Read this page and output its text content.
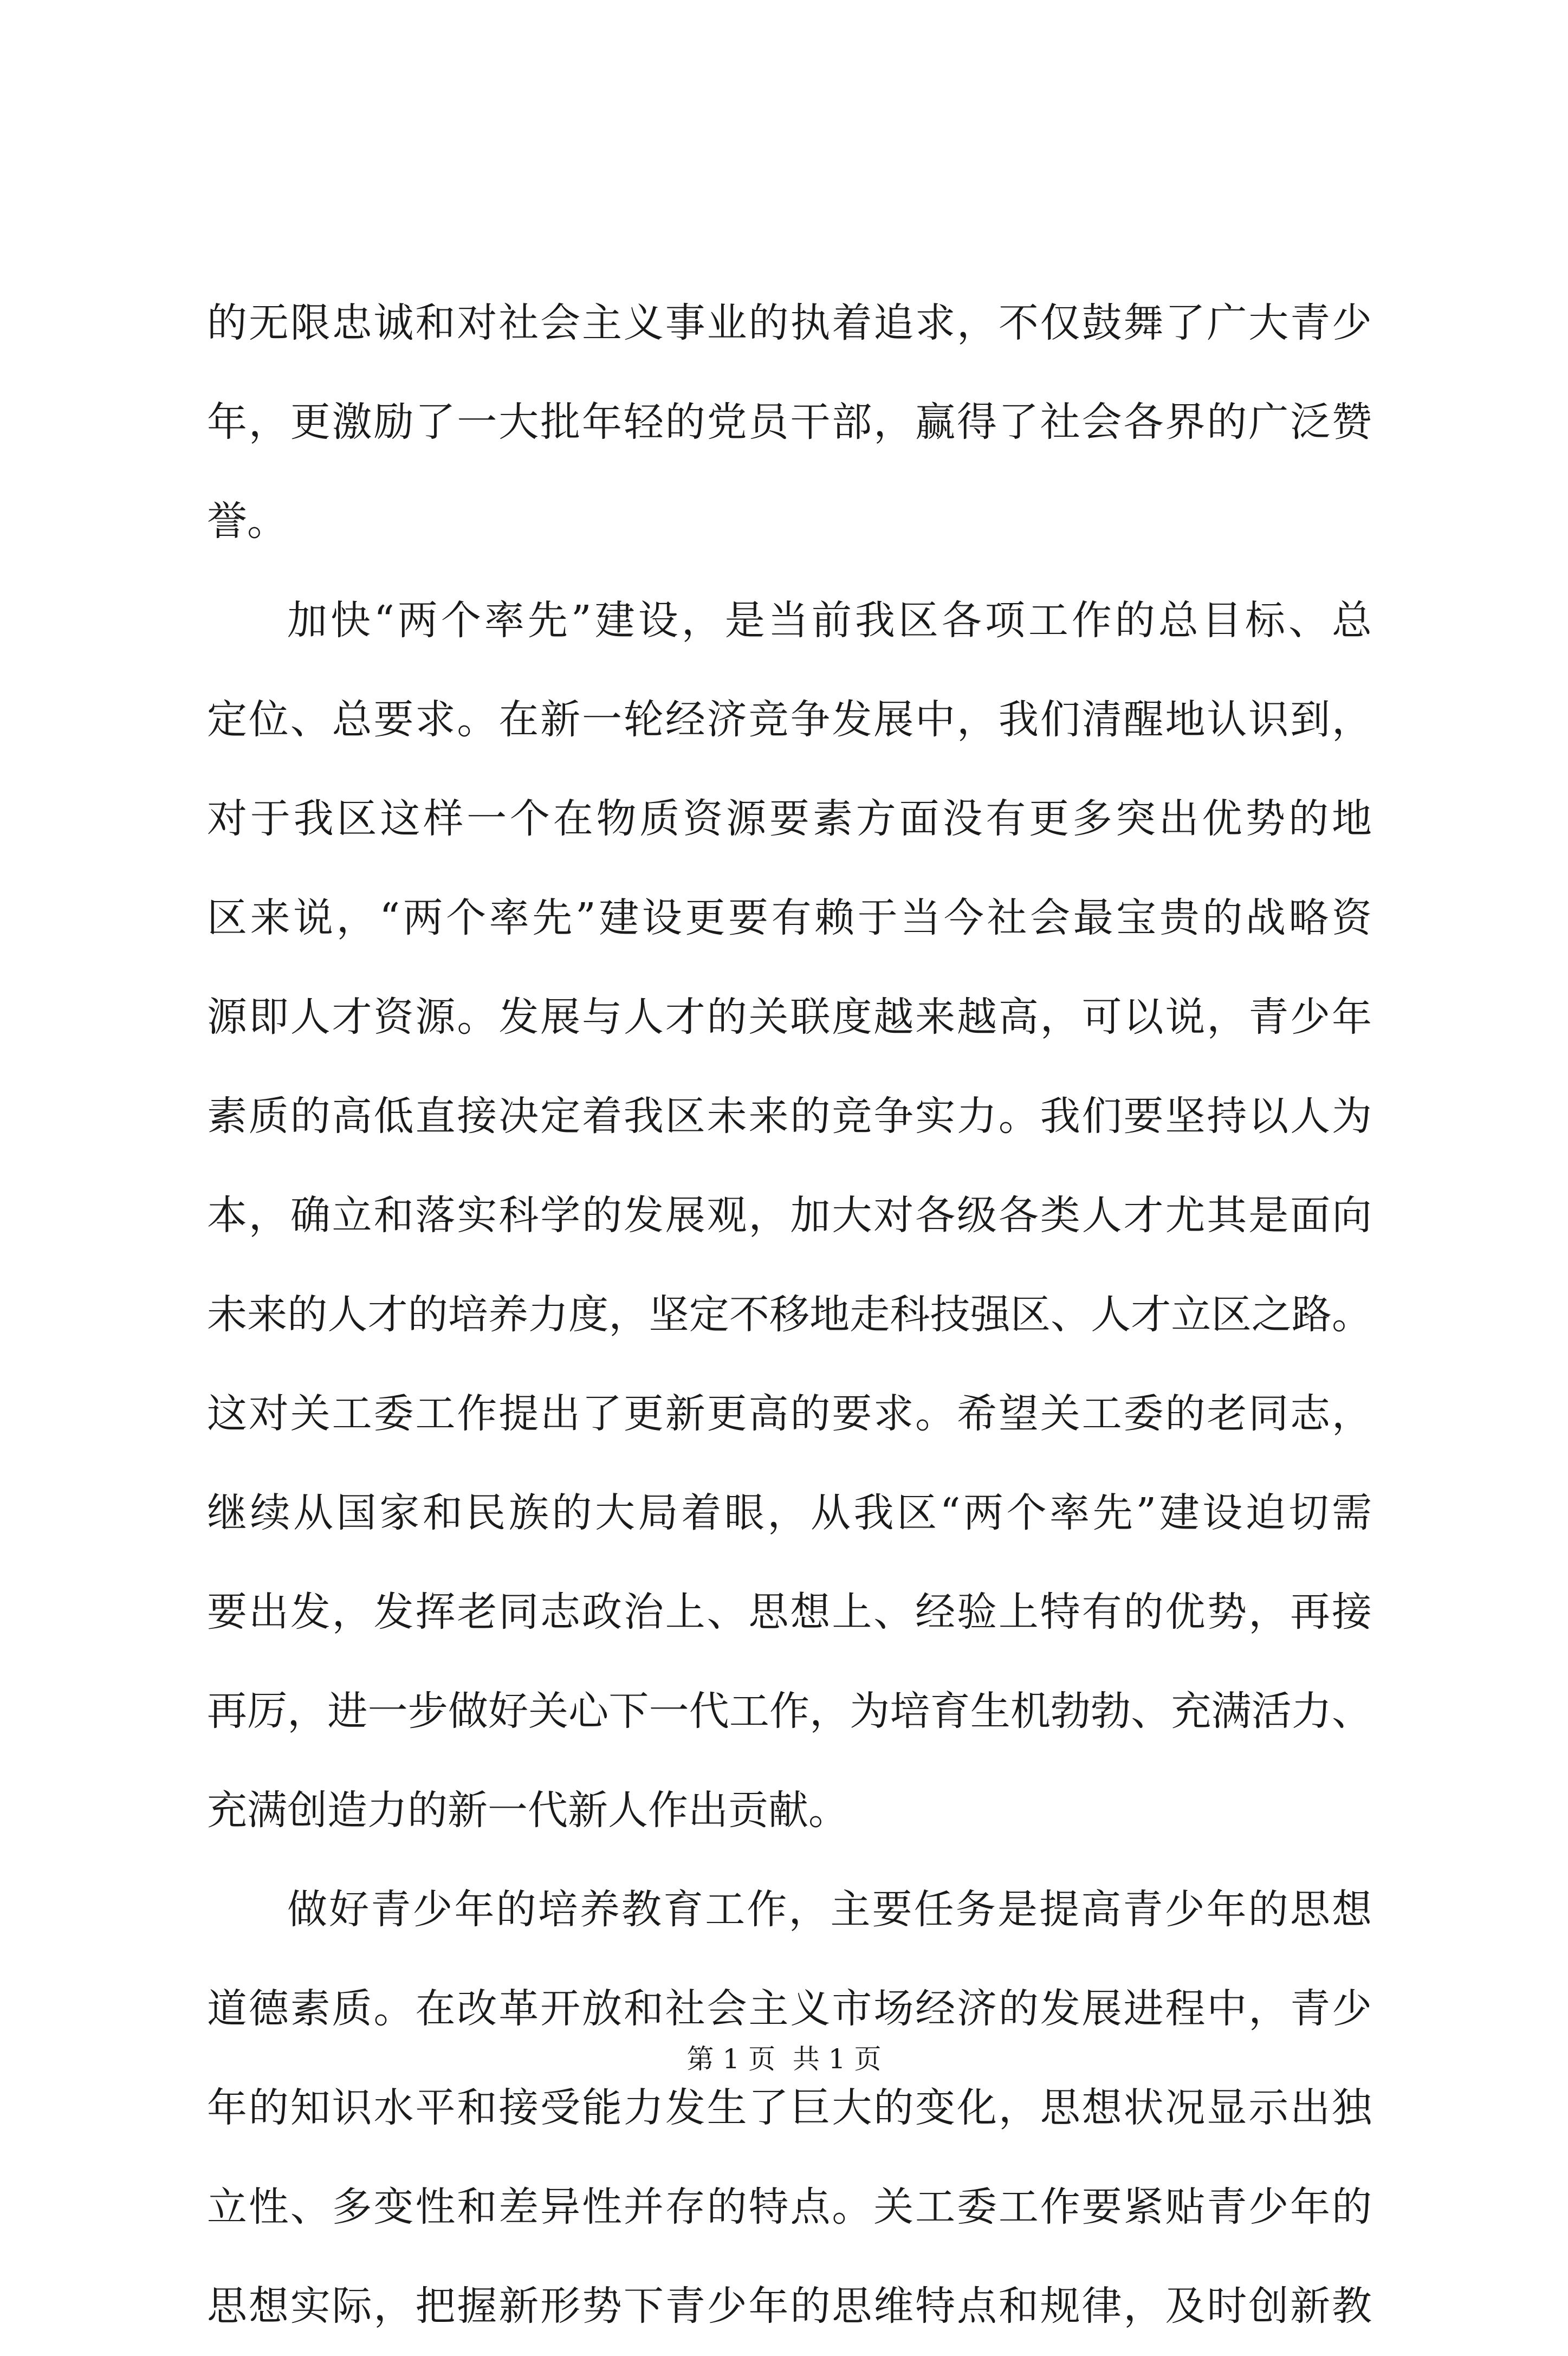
的无限忠诚和对社会主义事业的执着追求，不仅鼓舞了广大青少
年，更激励了一大批年轻的党员干部，赢得了社会各界的广泛赞
誉。
加快“两个率先”建设，是当前我区各项工作的总目标、总
定位、总要求。在新一轮经济竞争发展中，我们清醒地认识到，
对于我区这样一个在物质资源要素方面没有更多突出优势的地
区来说，“两个率先”建设更要有赖于当今社会最宝贵的战略资
源即人才资源。发展与人才的关联度越来越高，可以说，青少年
素质的高低直接决定着我区未来的竞争实力。我们要坚持以人为
本，确立和落实科学的发展观，加大对各级各类人才尤其是面向
未来的人才的培养力度，坚定不移地走科技强区、人才立区之路。
这对关工委工作提出了更新更高的要求。希望关工委的老同志，
继续从国家和民族的大局着眼，从我区“两个率先”建设迫切需
要出发，发挥老同志政治上、思想上、经验上特有的优势，再接
再厉，进一步做好关心下一代工作，为培育生机勃勃、充满活力、
充满创造力的新一代新人作出贡献。
做好青少年的培养教育工作，主要任务是提高青少年的思想
道德素质。在改革开放和社会主义市场经济的发展进程中，青少
年的知识水平和接受能力发生了巨大的变化，思想状况显示出独
立性、多变性和差异性并存的特点。关工委工作要紧贴青少年的
思想实际，把握新形势下青少年的思维特点和规律，及时创新教
第 1 页  共 1 页
